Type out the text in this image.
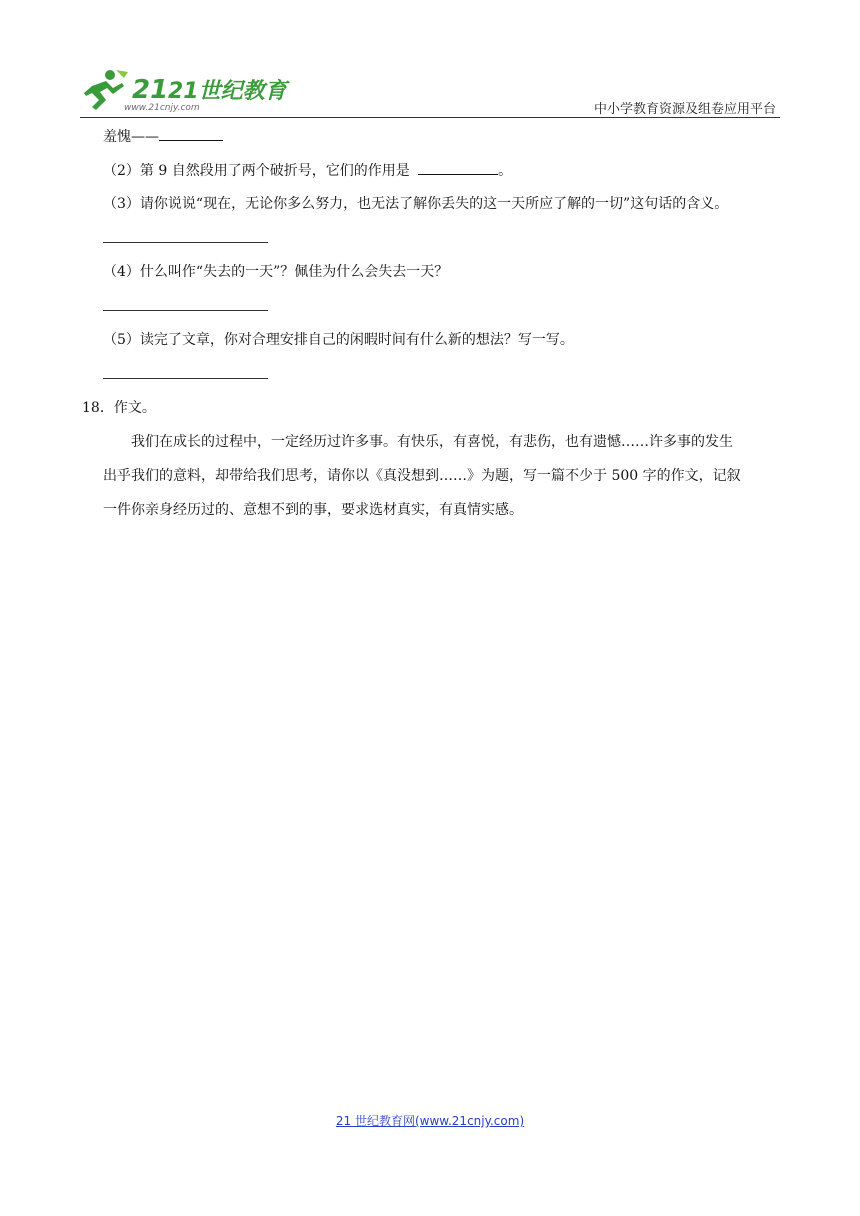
21 21世纪教育
www.21cnjy.com	中小学教育资源及组卷应用平台
羞愧——
（2）第 9 自然段用了两个破折号，它们的作用是	。
（3）请你说说“现在，无论你多么努力，也无法了解你丢失的这一天所应了解的一切”这句话的含义。
（4）什么叫作“失去的一天”？佩佳为什么会失去一天？
（5）读完了文章，你对合理安排自己的闲暇时间有什么新的想法？写一写。
18．作文。
我们在成长的过程中，一定经历过许多事。有快乐，有喜悦，有悲伤，也有遗憾……许多事的发生
出乎我们的意料，却带给我们思考，请你以《真没想到……》为题，写一篇不少于 500 字的作文，记叙
一件你亲身经历过的、意想不到的事，要求选材真实，有真情实感。
21 世纪教育网(www.21cnjy.com)
